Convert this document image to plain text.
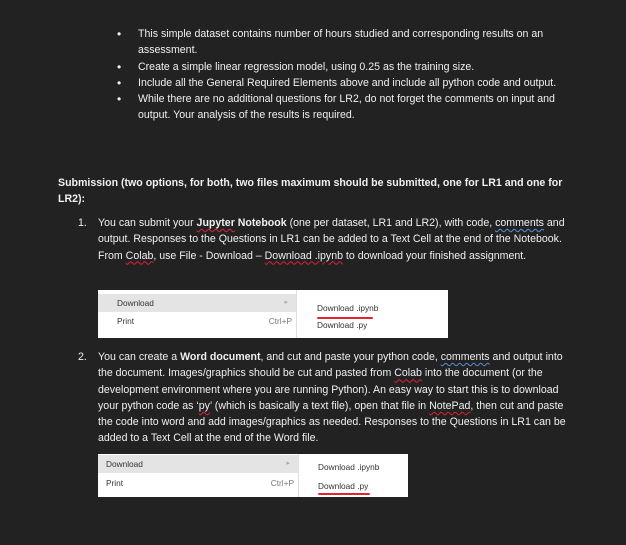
• This simple dataset contains number of hours studied and corresponding results on an assessment.
• Create a simple linear regression model, using 0.25 as the training size.
• Include all the General Required Elements above and include all python code and output.
• While there are no additional questions for LR2, do not forget the comments on input and output. Your analysis of the results is required.
Submission (two options, for both, two files maximum should be submitted, one for LR1 and one for LR2):
1. You can submit your Jupyter Notebook (one per dataset, LR1 and LR2), with code, comments and output. Responses to the Questions in LR1 can be added to a Text Cell at the end of the Notebook. From Colab, use File - Download – Download .ipynb to download your finished assignment.
Download	▸
Print	Ctrl+P
Download .ipynb
Download .py
2. You can create a Word document, and cut and paste your python code, comments and output into the document. Images/graphics should be cut and pasted from Colab into the document (or the development environment where you are running Python). An easy way to start this is to download your python code as ‘py’ (which is basically a text file), open that file in NotePad, then cut and paste the code into word and add images/graphics as needed. Responses to the Questions in LR1 can be added to a Text Cell at the end of the Word file.
Download	▸
Print	Ctrl+P
Download .ipynb
Download .py
